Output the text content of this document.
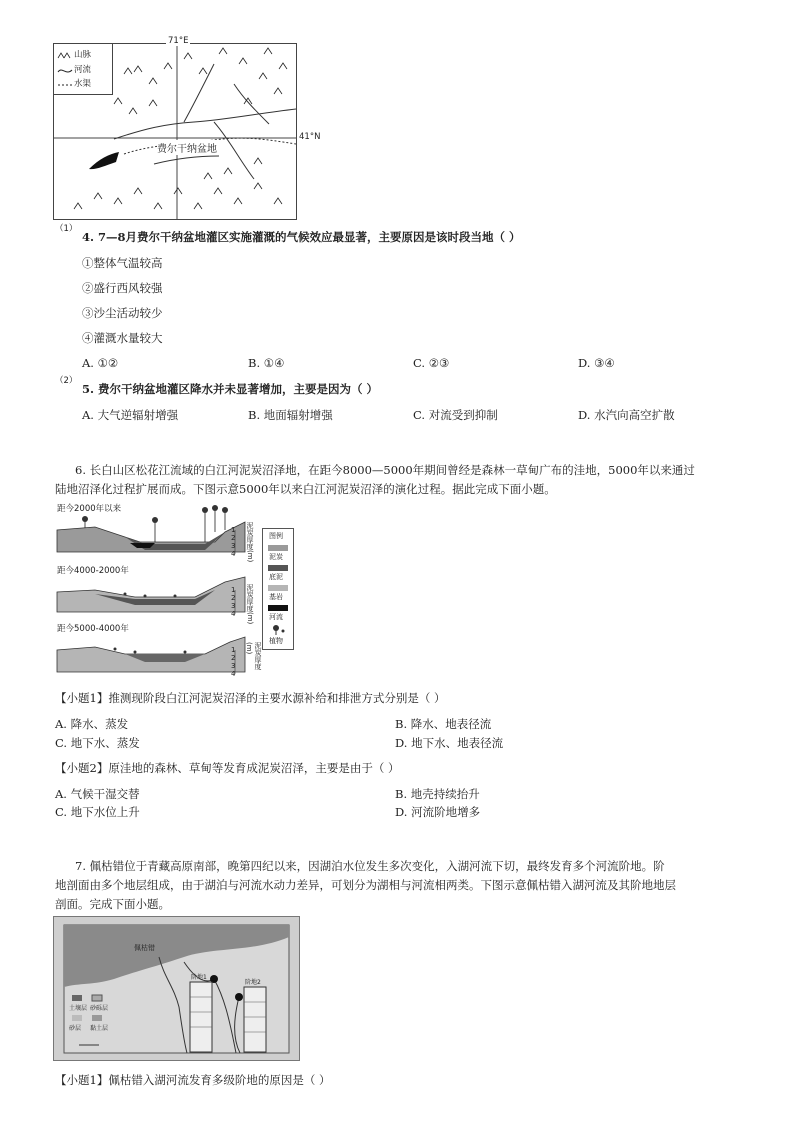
山脉
河流
水渠
71°E
41°N
费尔干纳盆地
（1）
4. 7—8月费尔干纳盆地灌区实施灌溉的气候效应最显著，主要原因是该时段当地（ ）
①整体气温较高
②盛行西风较强
③沙尘活动较少
④灌溉水量较大
A. ①②	B. ①④	C. ②③	D. ③④
（2）
5. 费尔干纳盆地灌区降水并未显著增加，主要是因为（ ）
A. 大气逆辐射增强	B. 地面辐射增强	C. 对流受到抑制	D. 水汽向高空扩散
6. 长白山区松花江流域的白江河泥炭沼泽地，在距今8000—5000年期间曾经是森林一草甸广布的洼地，5000年以来通过
陆地沼泽化过程扩展而成。下图示意5000年以来白江河泥炭沼泽的演化过程。据此完成下面小题。
距今2000年以来
距今4000-2000年
距今5000-4000年
1
2
3
4
1
2
3
4
1
2
3
4
泥炭厚度(m)
泥炭厚度(m)
泥炭厚度(m)
图例
泥炭
底泥
基岩
河流
植物
【小题1】推测现阶段白江河泥炭沼泽的主要水源补给和排泄方式分别是（ ）
A. 降水、蒸发	B. 降水、地表径流
C. 地下水、蒸发	D. 地下水、地表径流
【小题2】原洼地的森林、草甸等发育成泥炭沼泽，主要是由于（ ）
A. 气候干湿交替	B. 地壳持续抬升
C. 地下水位上升	D. 河流阶地增多
7. 佩枯错位于青藏高原南部，晚第四纪以来，因湖泊水位发生多次变化，入湖河流下切，最终发育多个河流阶地。阶
地剖面由多个地层组成，由于湖泊与河流水动力差异，可划分为湖相与河流相两类。下图示意佩枯错入湖河流及其阶地地层
剖面。完成下面小题。
佩枯错
土壤层 砂砾层
砂层 黏土层
阶地1
阶地2
【小题1】佩枯错入湖河流发育多级阶地的原因是（ ）
